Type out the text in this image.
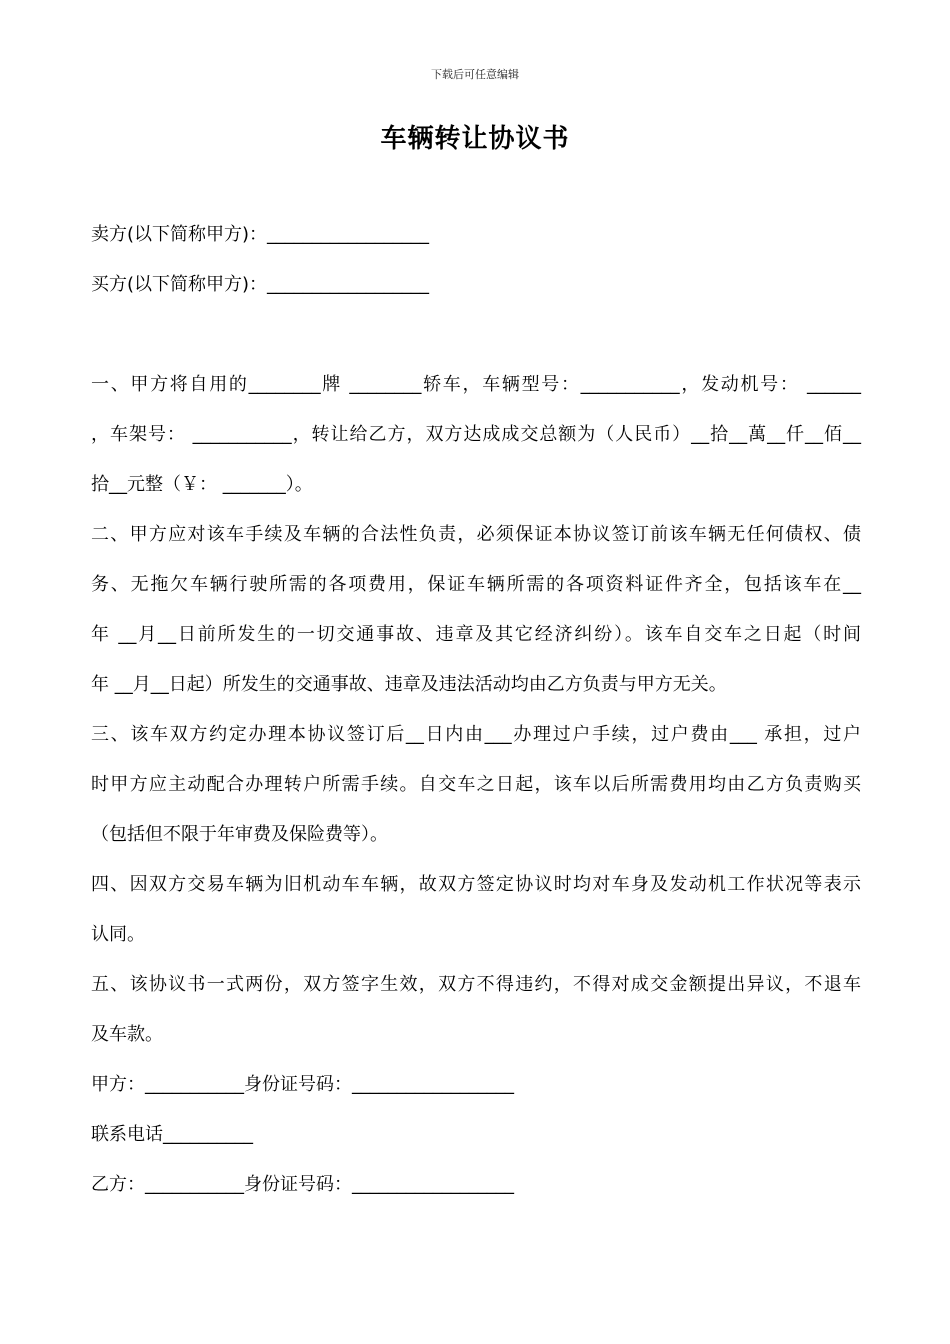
下载后可任意编辑
车辆转让协议书
卖方(以下简称甲方)：__________________
买方(以下简称甲方)：__________________
一、甲方将自用的________牌 ________轿车，车辆型号：___________，发动机号： ______
，车架号： ___________，转让给乙方，双方达成成交总额为（人民币）__拾__萬__仟__佰__
拾__元整（￥： _______）。
二、甲方应对该车手续及车辆的合法性负责，必须保证本协议签订前该车辆无任何债权、债
务、无拖欠车辆行驶所需的各项费用，保证车辆所需的各项资料证件齐全，包括该车在__
年 __月__日前所发生的一切交通事故、违章及其它经济纠纷）。该车自交车之日起（时间
年 __月__日起）所发生的交通事故、违章及违法活动均由乙方负责与甲方无关。
三、该车双方约定办理本协议签订后__日内由___办理过户手续，过户费由___ 承担，过户
时甲方应主动配合办理转户所需手续。自交车之日起，该车以后所需费用均由乙方负责购买
（包括但不限于年审费及保险费等）。
四、因双方交易车辆为旧机动车车辆，故双方签定协议时均对车身及发动机工作状况等表示
认同。
五、该协议书一式两份，双方签字生效，双方不得违约，不得对成交金额提出异议，不退车
及车款。
甲方：___________身份证号码：__________________
联系电话__________
乙方：___________身份证号码：__________________
